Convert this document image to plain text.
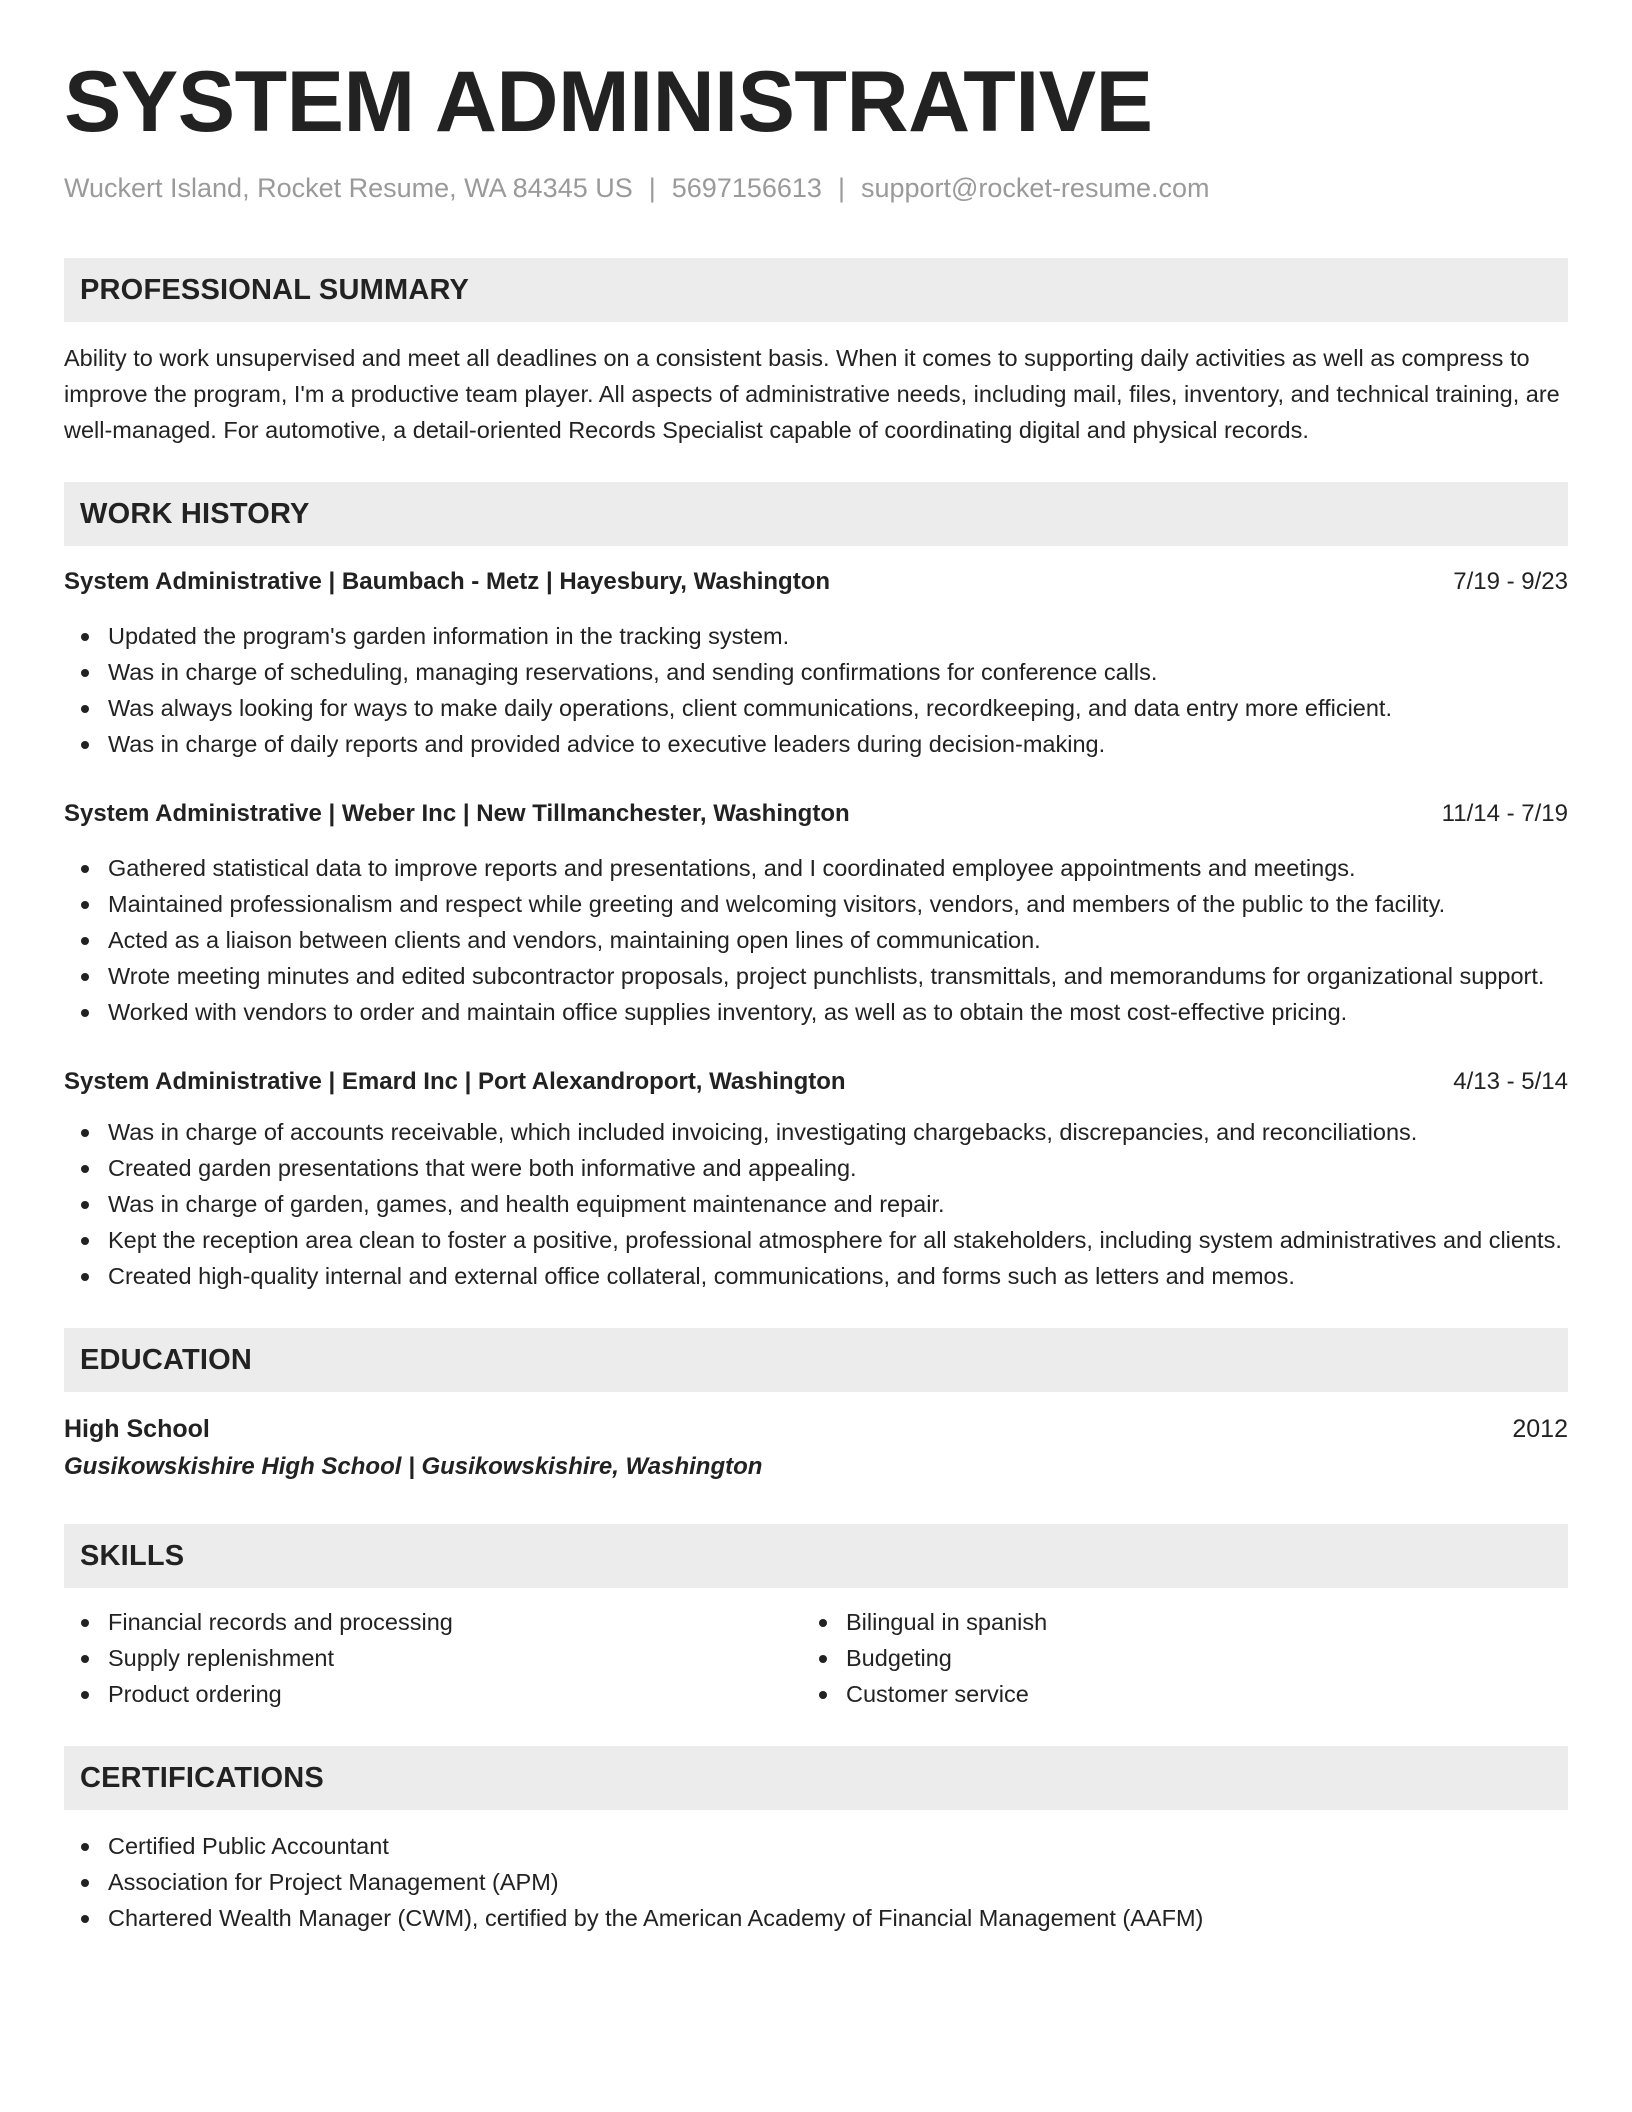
SYSTEM ADMINISTRATIVE
Wuckert Island, Rocket Resume, WA 84345 US | 5697156613 | support@rocket-resume.com
PROFESSIONAL SUMMARY

Ability to work unsupervised and meet all deadlines on a consistent basis. When it comes to supporting daily activities as well as compress to improve the program, I'm a productive team player. All aspects of administrative needs, including mail, files, inventory, and technical training, are well-managed. For automotive, a detail-oriented Records Specialist capable of coordinating digital and physical records.

WORK HISTORY
System Administrative | Baumbach - Metz | Hayesbury, Washington	7/19 - 9/23
Updated the program's garden information in the tracking system.
Was in charge of scheduling, managing reservations, and sending confirmations for conference calls.
Was always looking for ways to make daily operations, client communications, recordkeeping, and data entry more efficient.
Was in charge of daily reports and provided advice to executive leaders during decision-making.
System Administrative | Weber Inc | New Tillmanchester, Washington	11/14 - 7/19
Gathered statistical data to improve reports and presentations, and I coordinated employee appointments and meetings.
Maintained professionalism and respect while greeting and welcoming visitors, vendors, and members of the public to the facility.
Acted as a liaison between clients and vendors, maintaining open lines of communication.
Wrote meeting minutes and edited subcontractor proposals, project punchlists, transmittals, and memorandums for organizational support.
Worked with vendors to order and maintain office supplies inventory, as well as to obtain the most cost-effective pricing.
System Administrative | Emard Inc | Port Alexandroport, Washington	4/13 - 5/14
Was in charge of accounts receivable, which included invoicing, investigating chargebacks, discrepancies, and reconciliations.
Created garden presentations that were both informative and appealing.
Was in charge of garden, games, and health equipment maintenance and repair.
Kept the reception area clean to foster a positive, professional atmosphere for all stakeholders, including system administratives and clients.
Created high-quality internal and external office collateral, communications, and forms such as letters and memos.
EDUCATION
High School	2012
Gusikowskishire High School | Gusikowskishire, Washington
SKILLS
Financial records and processing
Supply replenishment
Product ordering
Bilingual in spanish
Budgeting
Customer service
CERTIFICATIONS
Certified Public Accountant
Association for Project Management (APM)
Chartered Wealth Manager (CWM), certified by the American Academy of Financial Management (AAFM)
